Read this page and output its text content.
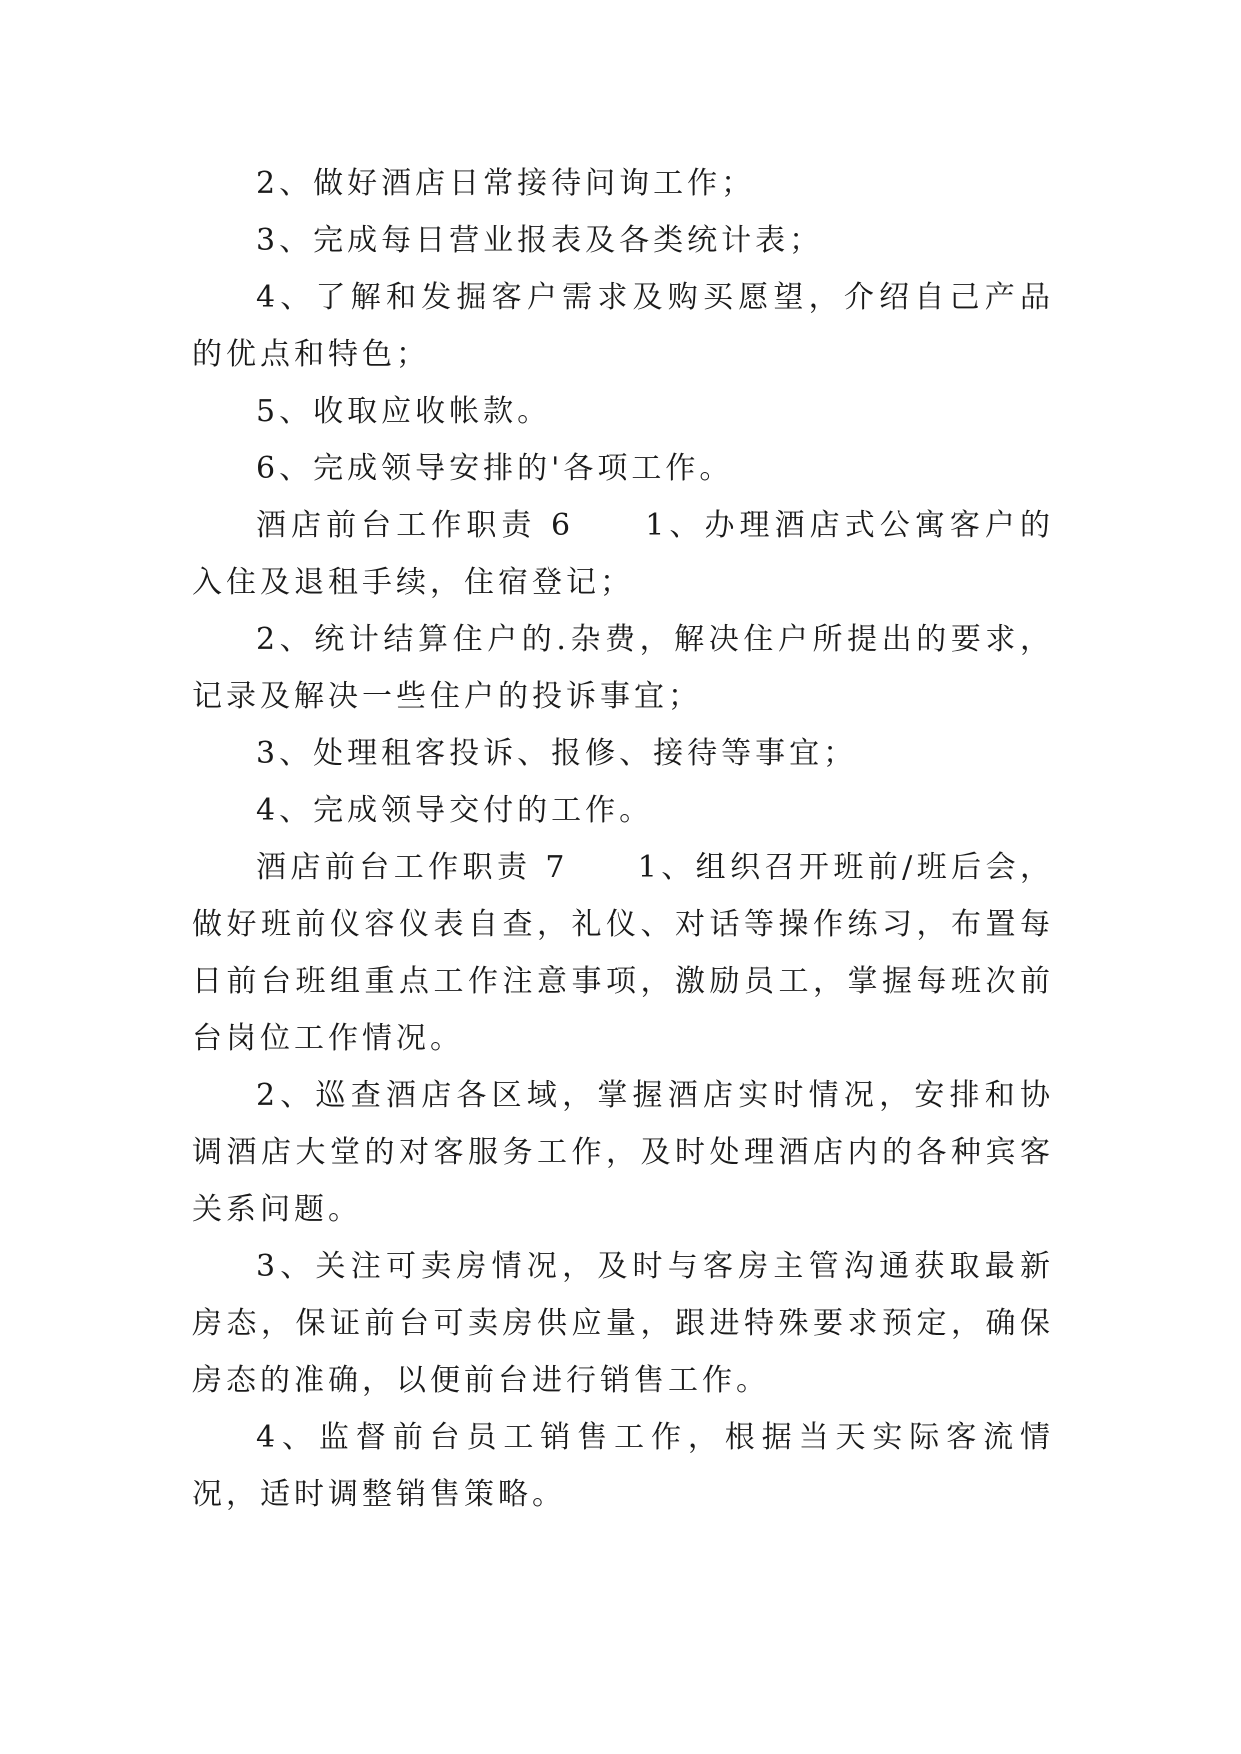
2、做好酒店日常接待问询工作；

3、完成每日营业报表及各类统计表；

4、了解和发掘客户需求及购买愿望，介绍自己产品的优点和特色；

5、收取应收帐款。

6、完成领导安排的'各项工作。

酒店前台工作职责 6　　1、办理酒店式公寓客户的入住及退租手续，住宿登记；

2、统计结算住户的.杂费，解决住户所提出的要求，记录及解决一些住户的投诉事宜；

3、处理租客投诉、报修、接待等事宜；

4、完成领导交付的工作。

酒店前台工作职责 7　　1、组织召开班前/班后会，做好班前仪容仪表自查，礼仪、对话等操作练习，布置每日前台班组重点工作注意事项，激励员工，掌握每班次前台岗位工作情况。

2、巡查酒店各区域，掌握酒店实时情况，安排和协调酒店大堂的对客服务工作，及时处理酒店内的各种宾客关系问题。

3、关注可卖房情况，及时与客房主管沟通获取最新房态，保证前台可卖房供应量，跟进特殊要求预定，确保房态的准确，以便前台进行销售工作。

4、监督前台员工销售工作，根据当天实际客流情况，适时调整销售策略。
